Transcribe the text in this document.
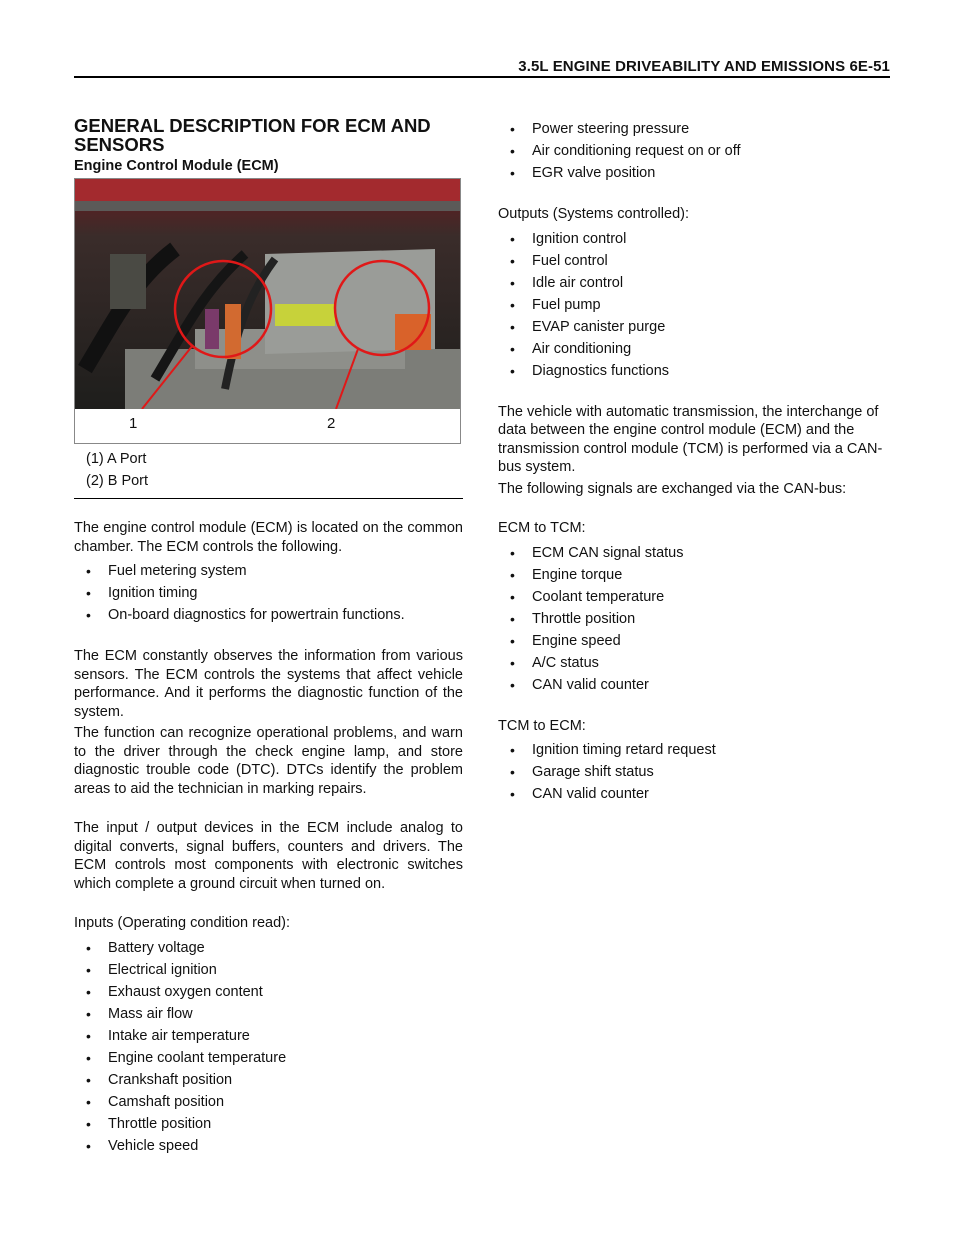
3.5L ENGINE DRIVEABILITY AND EMISSIONS 6E-51
GENERAL DESCRIPTION FOR ECM AND
SENSORS
Engine Control Module (ECM)
1	2
(1) A Port
(2) B Port

The engine control module (ECM) is located on the common chamber. The ECM controls the following.

• Fuel metering system
• Ignition timing
• On-board diagnostics for powertrain functions.

The ECM constantly observes the information from various sensors. The ECM controls the systems that affect vehicle performance. And it performs the diagnostic function of the system.

The function can recognize operational problems, and warn to the driver through the check engine lamp, and store diagnostic trouble code (DTC). DTCs identify the problem areas to aid the technician in marking repairs.

The input / output devices in the ECM include analog to digital converts, signal buffers, counters and drivers. The ECM controls most components with electronic switches which complete a ground circuit when turned on.

Inputs (Operating condition read):

• Battery voltage
• Electrical ignition
• Exhaust oxygen content
• Mass air flow
• Intake air temperature
• Engine coolant temperature
• Crankshaft position
• Camshaft position
• Throttle position
• Vehicle speed
• Power steering pressure
• Air conditioning request on or off
• EGR valve position

Outputs (Systems controlled):

• Ignition control
• Fuel control
• Idle air control
• Fuel pump
• EVAP canister purge
• Air conditioning
• Diagnostics functions

The vehicle with automatic transmission, the interchange of data between the engine control module (ECM) and the transmission control module (TCM) is performed via a CAN-bus system.

The following signals are exchanged via the CAN-bus:

ECM to TCM:

• ECM CAN signal status
• Engine torque
• Coolant temperature
• Throttle position
• Engine speed
• A/C status
• CAN valid counter

TCM to ECM:

• Ignition timing retard request
• Garage shift status
• CAN valid counter
